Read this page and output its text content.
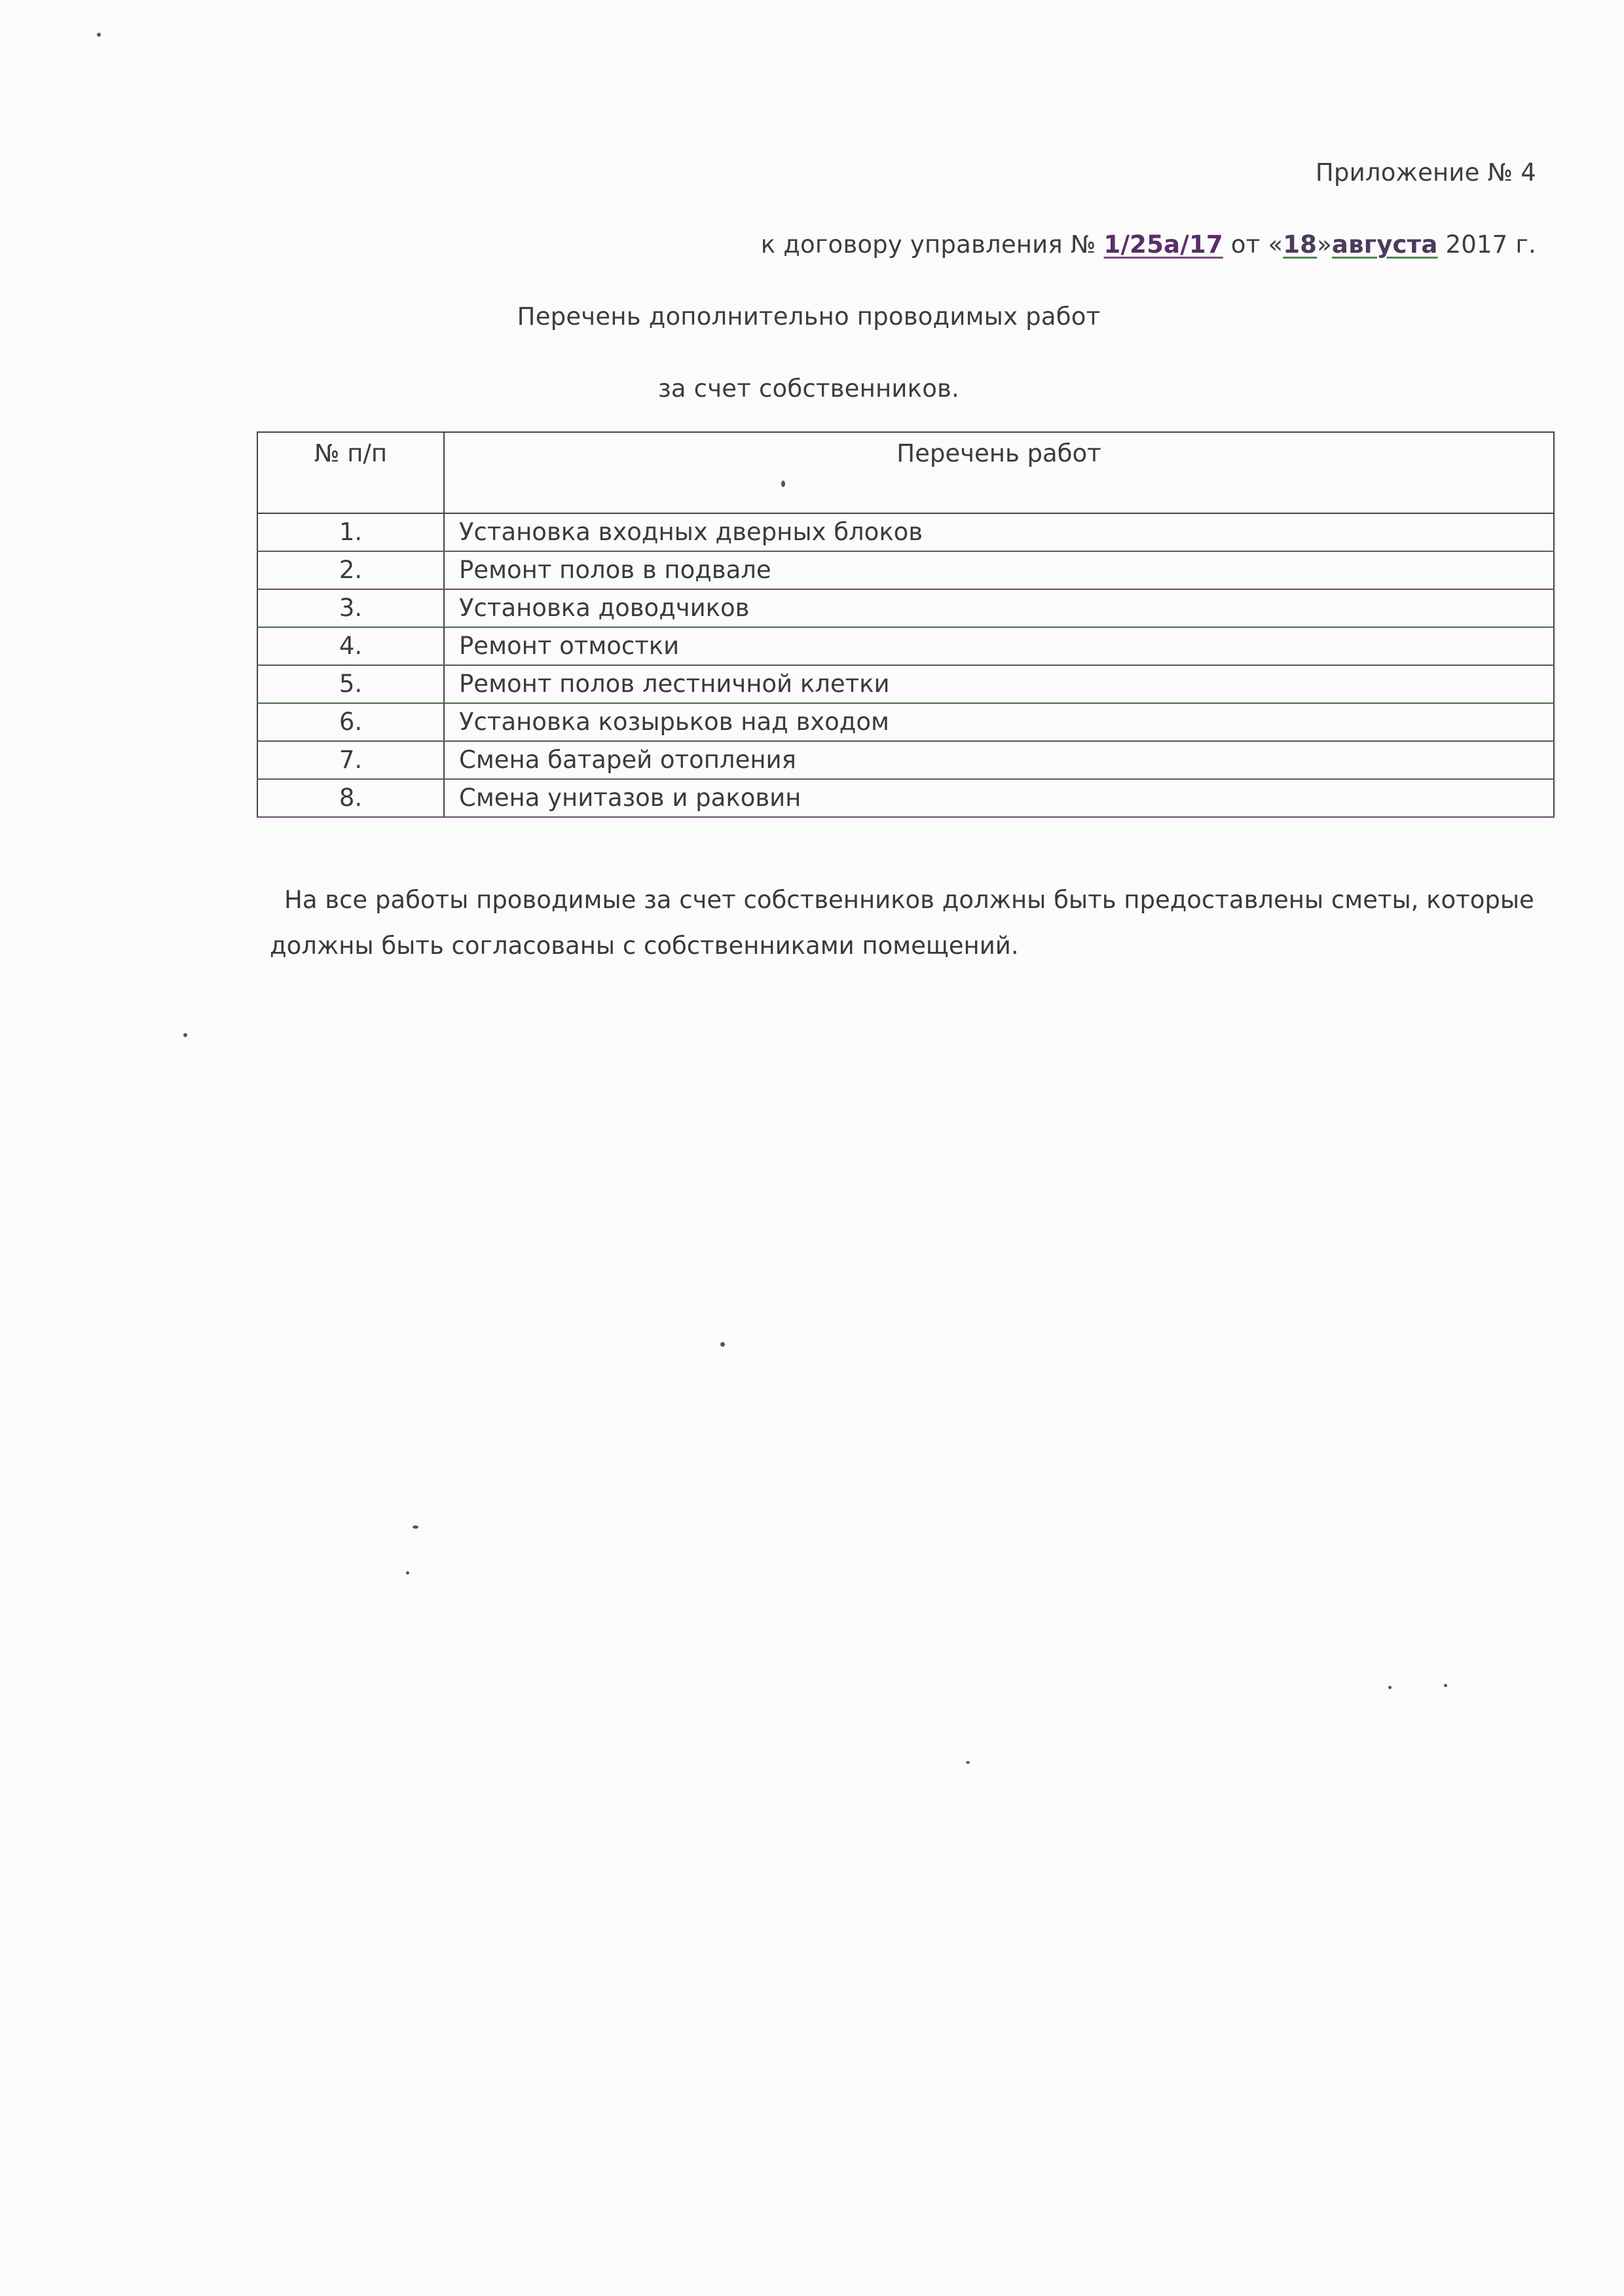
Приложение № 4
к договору управления № 1/25а/17 от «18»августа 2017 г.
Перечень дополнительно проводимых работ
за счет собственников.
№ п/п	Перечень работ
1.	Установка входных дверных блоков
2.	Ремонт полов в подвале
3.	Установка доводчиков
4.	Ремонт отмостки
5.	Ремонт полов лестничной клетки
6.	Установка козырьков над входом
7.	Смена батарей отопления
8.	Смена унитазов и раковин
На все работы проводимые за счет собственников должны быть предоставлены сметы, которые должны быть согласованы с собственниками помещений.
